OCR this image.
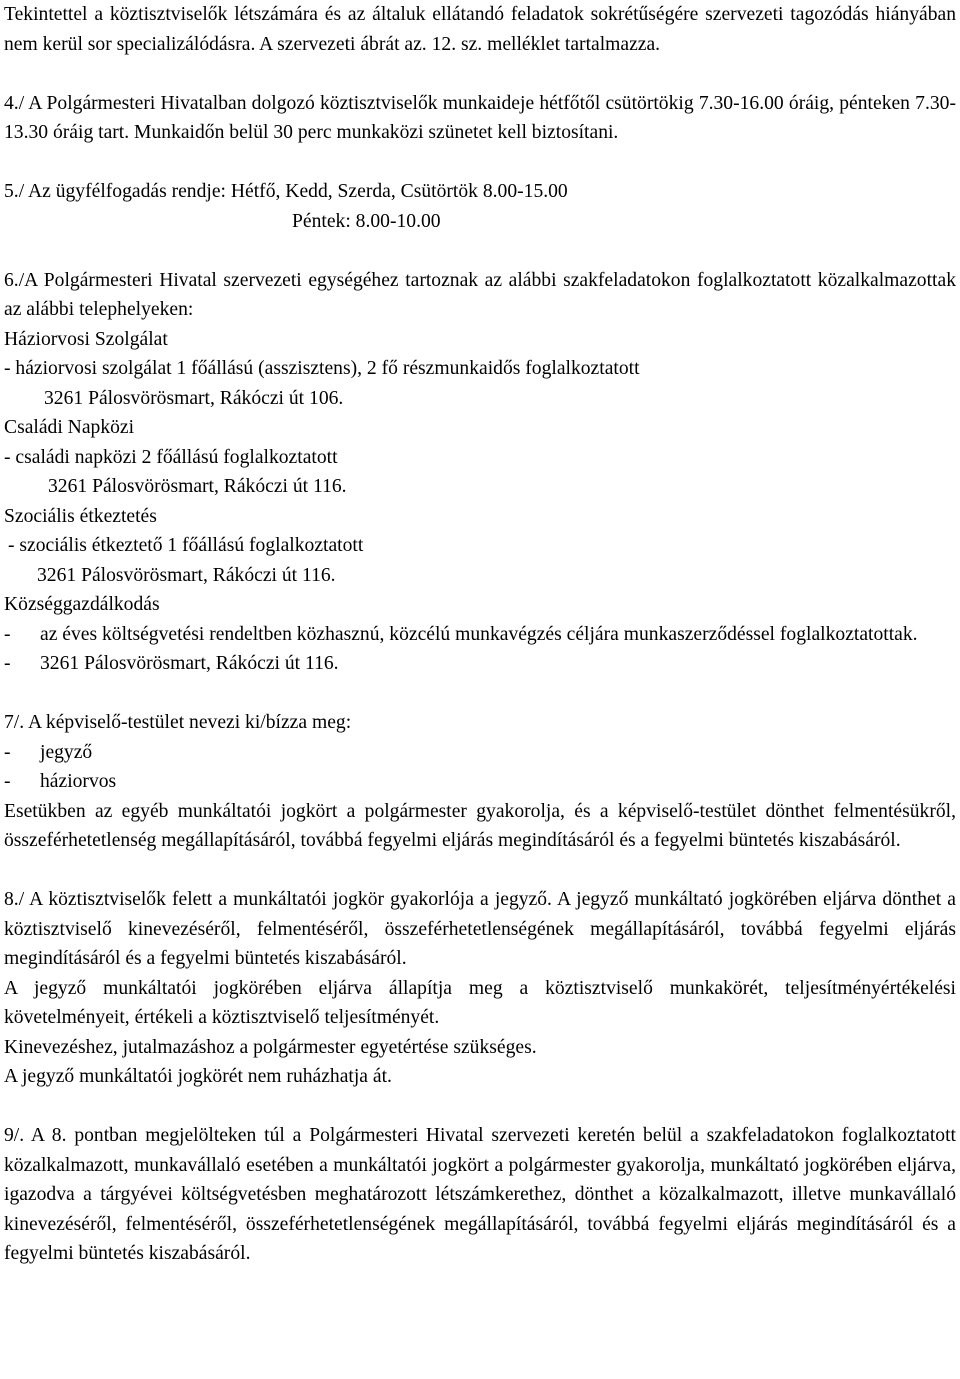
Tekintettel a köztisztviselők létszámára és az általuk ellátandó feladatok sokrétűségére szervezeti tagozódás hiányában nem kerül sor specializálódásra. A szervezeti ábrát az. 12. sz. melléklet tartalmazza.

4./ A Polgármesteri Hivatalban dolgozó köztisztviselők munkaideje hétfőtől csütörtökig 7.30-16.00 óráig, pénteken 7.30-13.30 óráig tart. Munkaidőn belül 30 perc munkaközi szünetet kell biztosítani.

5./ Az ügyfélfogadás rendje: Hétfő, Kedd, Szerda, Csütörtök 8.00-15.00

Péntek: 8.00-10.00

6./A Polgármesteri Hivatal szervezeti egységéhez tartoznak az alábbi szakfeladatokon foglalkoztatott közalkalmazottak az alábbi telephelyeken:

Háziorvosi Szolgálat

- háziorvosi szolgálat 1 főállású (asszisztens), 2 fő részmunkaidős foglalkoztatott

3261 Pálosvörösmart, Rákóczi út 106.

Családi Napközi

- családi napközi 2 főállású foglalkoztatott

3261 Pálosvörösmart, Rákóczi út 116.

Szociális étkeztetés

- szociális étkeztető 1 főállású foglalkoztatott

3261 Pálosvörösmart, Rákóczi út 116.

Községgazdálkodás

-	az éves költségvetési rendeltben közhasznú, közcélú munkavégzés céljára munkaszerződéssel foglalkoztatottak.
-	3261 Pálosvörösmart, Rákóczi út 116.

7/. A képviselő-testület nevezi ki/bízza meg:

-	jegyző
-	háziorvos

Esetükben az egyéb munkáltatói jogkört a polgármester gyakorolja, és a képviselő-testület dönthet felmentésükről, összeférhetetlenség megállapításáról, továbbá fegyelmi eljárás megindításáról és a fegyelmi büntetés kiszabásáról.

8./ A köztisztviselők felett a munkáltatói jogkör gyakorlója a jegyző. A jegyző munkáltató jogkörében eljárva dönthet a köztisztviselő kinevezéséről, felmentéséről, összeférhetetlenségének megállapításáról, továbbá fegyelmi eljárás megindításáról és a fegyelmi büntetés kiszabásáról.

A jegyző munkáltatói jogkörében eljárva állapítja meg a köztisztviselő munkakörét, teljesítményértékelési követelményeit, értékeli a köztisztviselő teljesítményét.

Kinevezéshez, jutalmazáshoz a polgármester egyetértése szükséges.

A jegyző munkáltatói jogkörét nem ruházhatja át.

9/. A 8. pontban megjelölteken túl a Polgármesteri Hivatal szervezeti keretén belül a szakfeladatokon foglalkoztatott közalkalmazott, munkavállaló esetében a munkáltatói jogkört a polgármester gyakorolja, munkáltató jogkörében eljárva, igazodva a tárgyévei költségvetésben meghatározott létszámkerethez, dönthet a közalkalmazott, illetve munkavállaló kinevezéséről, felmentéséről, összeférhetetlenségének megállapításáról, továbbá fegyelmi eljárás megindításáról és a fegyelmi büntetés kiszabásáról.
